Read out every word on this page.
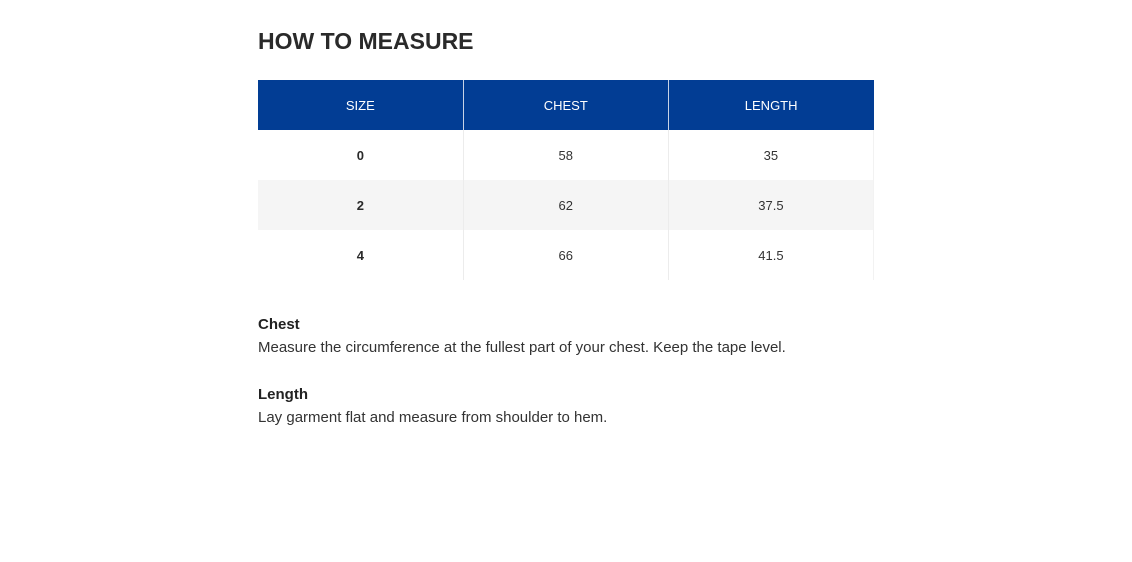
HOW TO MEASURE
SIZE	CHEST	LENGTH
0	58	35
2	62	37.5
4	66	41.5
Chest
Measure the circumference at the fullest part of your chest. Keep the tape level.
Length
Lay garment flat and measure from shoulder to hem.
